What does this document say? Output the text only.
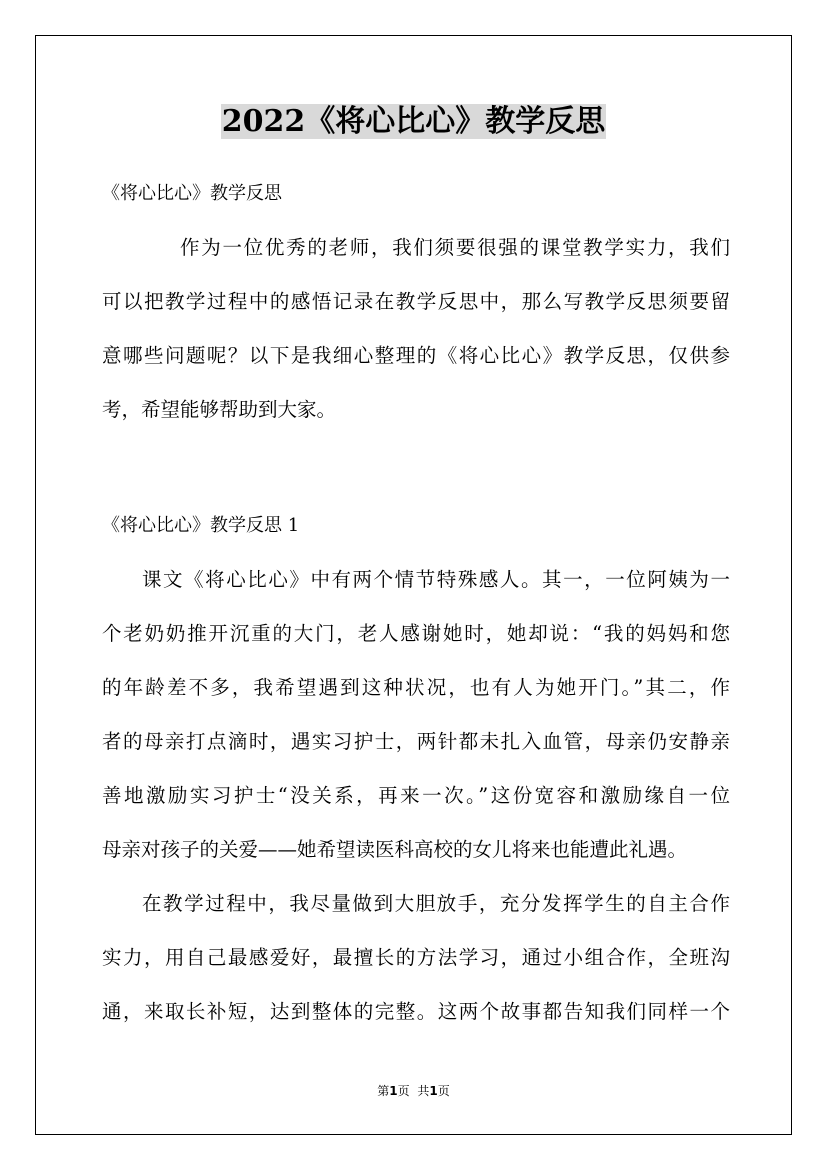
2022《将心比心》教学反思
《将心比心》教学反思
作为一位优秀的老师，我们须要很强的课堂教学实力，我们
可以把教学过程中的感悟记录在教学反思中，那么写教学反思须要留
意哪些问题呢？以下是我细心整理的《将心比心》教学反思，仅供参
考，希望能够帮助到大家。
《将心比心》教学反思 1
课文《将心比心》中有两个情节特殊感人。其一，一位阿姨为一
个老奶奶推开沉重的大门，老人感谢她时，她却说：“我的妈妈和您
的年龄差不多，我希望遇到这种状况，也有人为她开门。”其二，作
者的母亲打点滴时，遇实习护士，两针都未扎入血管，母亲仍安静亲
善地激励实习护士“没关系，再来一次。”这份宽容和激励缘自一位
母亲对孩子的关爱——她希望读医科高校的女儿将来也能遭此礼遇。
在教学过程中，我尽量做到大胆放手，充分发挥学生的自主合作
实力，用自己最感爱好，最擅长的方法学习，通过小组合作，全班沟
通，来取长补短，达到整体的完整。这两个故事都告知我们同样一个
第1页 共1页
